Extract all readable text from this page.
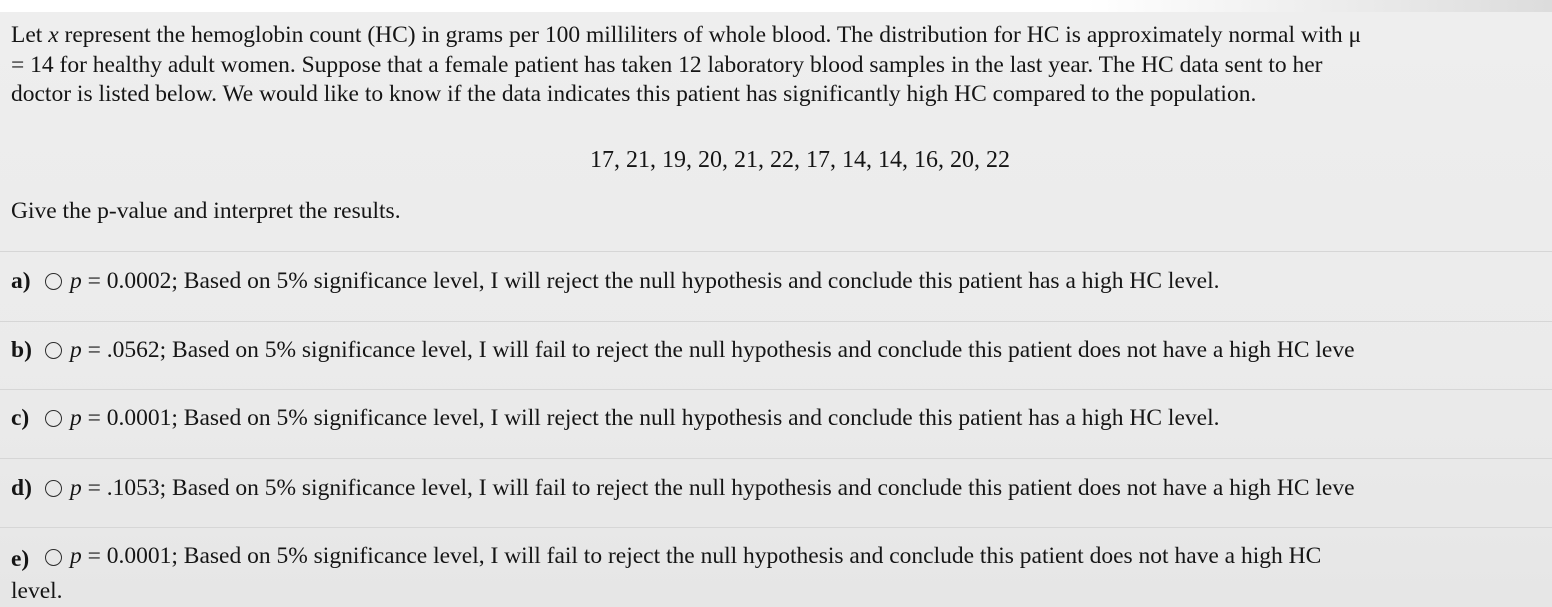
Let x represent the hemoglobin count (HC) in grams per 100 milliliters of whole blood. The distribution for HC is approximately normal with μ
= 14 for healthy adult women. Suppose that a female patient has taken 12 laboratory blood samples in the last year. The HC data sent to her
doctor is listed below. We would like to know if the data indicates this patient has significantly high HC compared to the population.

17, 21, 19, 20, 21, 22, 17, 14, 14, 16, 20, 22
Give the p-value and interpret the results.
a)	p = 0.0002; Based on 5% significance level, I will reject the null hypothesis and conclude this patient has a high HC level.
b)	p = .0562; Based on 5% significance level, I will fail to reject the null hypothesis and conclude this patient does not have a high HC leve
c)	p = 0.0001; Based on 5% significance level, I will reject the null hypothesis and conclude this patient has a high HC level.
d)	p = .1053; Based on 5% significance level, I will fail to reject the null hypothesis and conclude this patient does not have a high HC leve
e)	p = 0.0001; Based on 5% significance level, I will fail to reject the null hypothesis and conclude this patient does not have a high HC
level.
